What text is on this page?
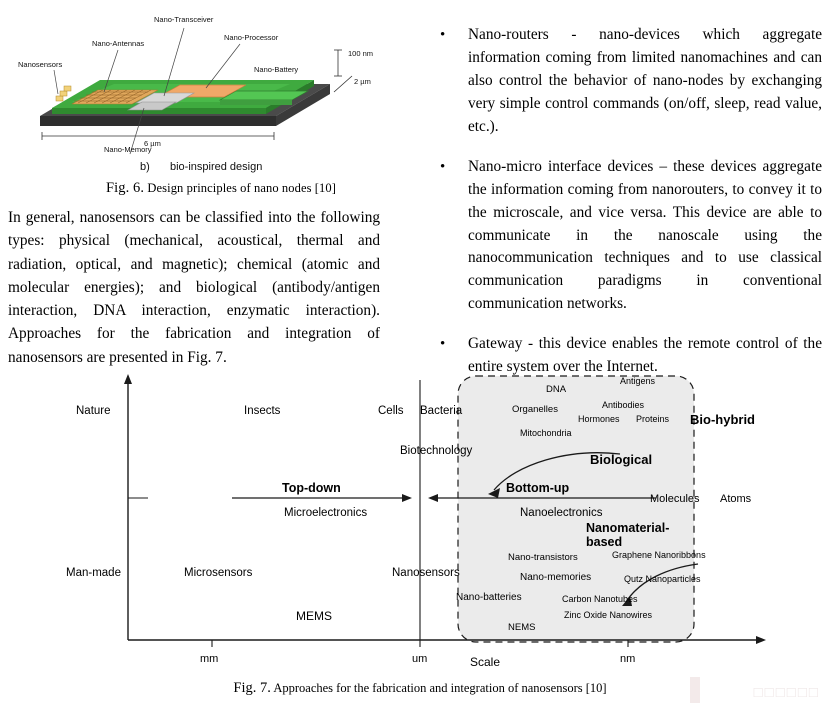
Nano-Antennas
Nano-Transceiver
Nano-Processor
Nano-Battery
Nanosensors
Nano-Memory
100 nm
2 µm
6 µm
b) bio-inspired design
Fig. 6. Design principles of nano nodes [10]
In general, nanosensors can be classified into the following types: physical (mechanical, acoustical, thermal and radiation, optical, and magnetic); chemical (atomic and molecular energies); and biological (antibody/antigen interaction, DNA interaction, enzymatic interaction). Approaches for the fabrication and integration of nanosensors are presented in Fig. 7.
• Nano-routers - nano-devices which aggregate information coming from limited nanomachines and can also control the behavior of nano-nodes by exchanging very simple control commands (on/off, sleep, read value, etc.).
• Nano-micro interface devices – these devices aggregate the information coming from nanorouters, to convey it to the microscale, and vice versa. This device are able to communicate in the nanoscale using the nanocommunication techniques and to use classical communication paradigms in conventional communication networks.
• Gateway - this device enables the remote control of the entire system over the Internet.
Nature
Man-made
mm	um	nm
Insects	Cells Bacteria
Biotechnology
Top-down	Bottom-up
Microelectronics
MEMS
Microsensors	Nanosensors
Molecules Atoms
Nanoelectronics
DNA
Antigens
Antibodies
Organelles
Hormones Proteins
Mitochondria
Bio-hybrid
Biological
Nanomaterial-
based
Nano-transistors	Graphene Nanoribbons
Nano-memories	Qutz Nanoparticles
Nano-batteries	Carbon Nanotubes
Zinc Oxide Nanowires
NEMS
Scale
Fig. 7. Approaches for the fabrication and integration of nanosensors [10]	□□□□□□
